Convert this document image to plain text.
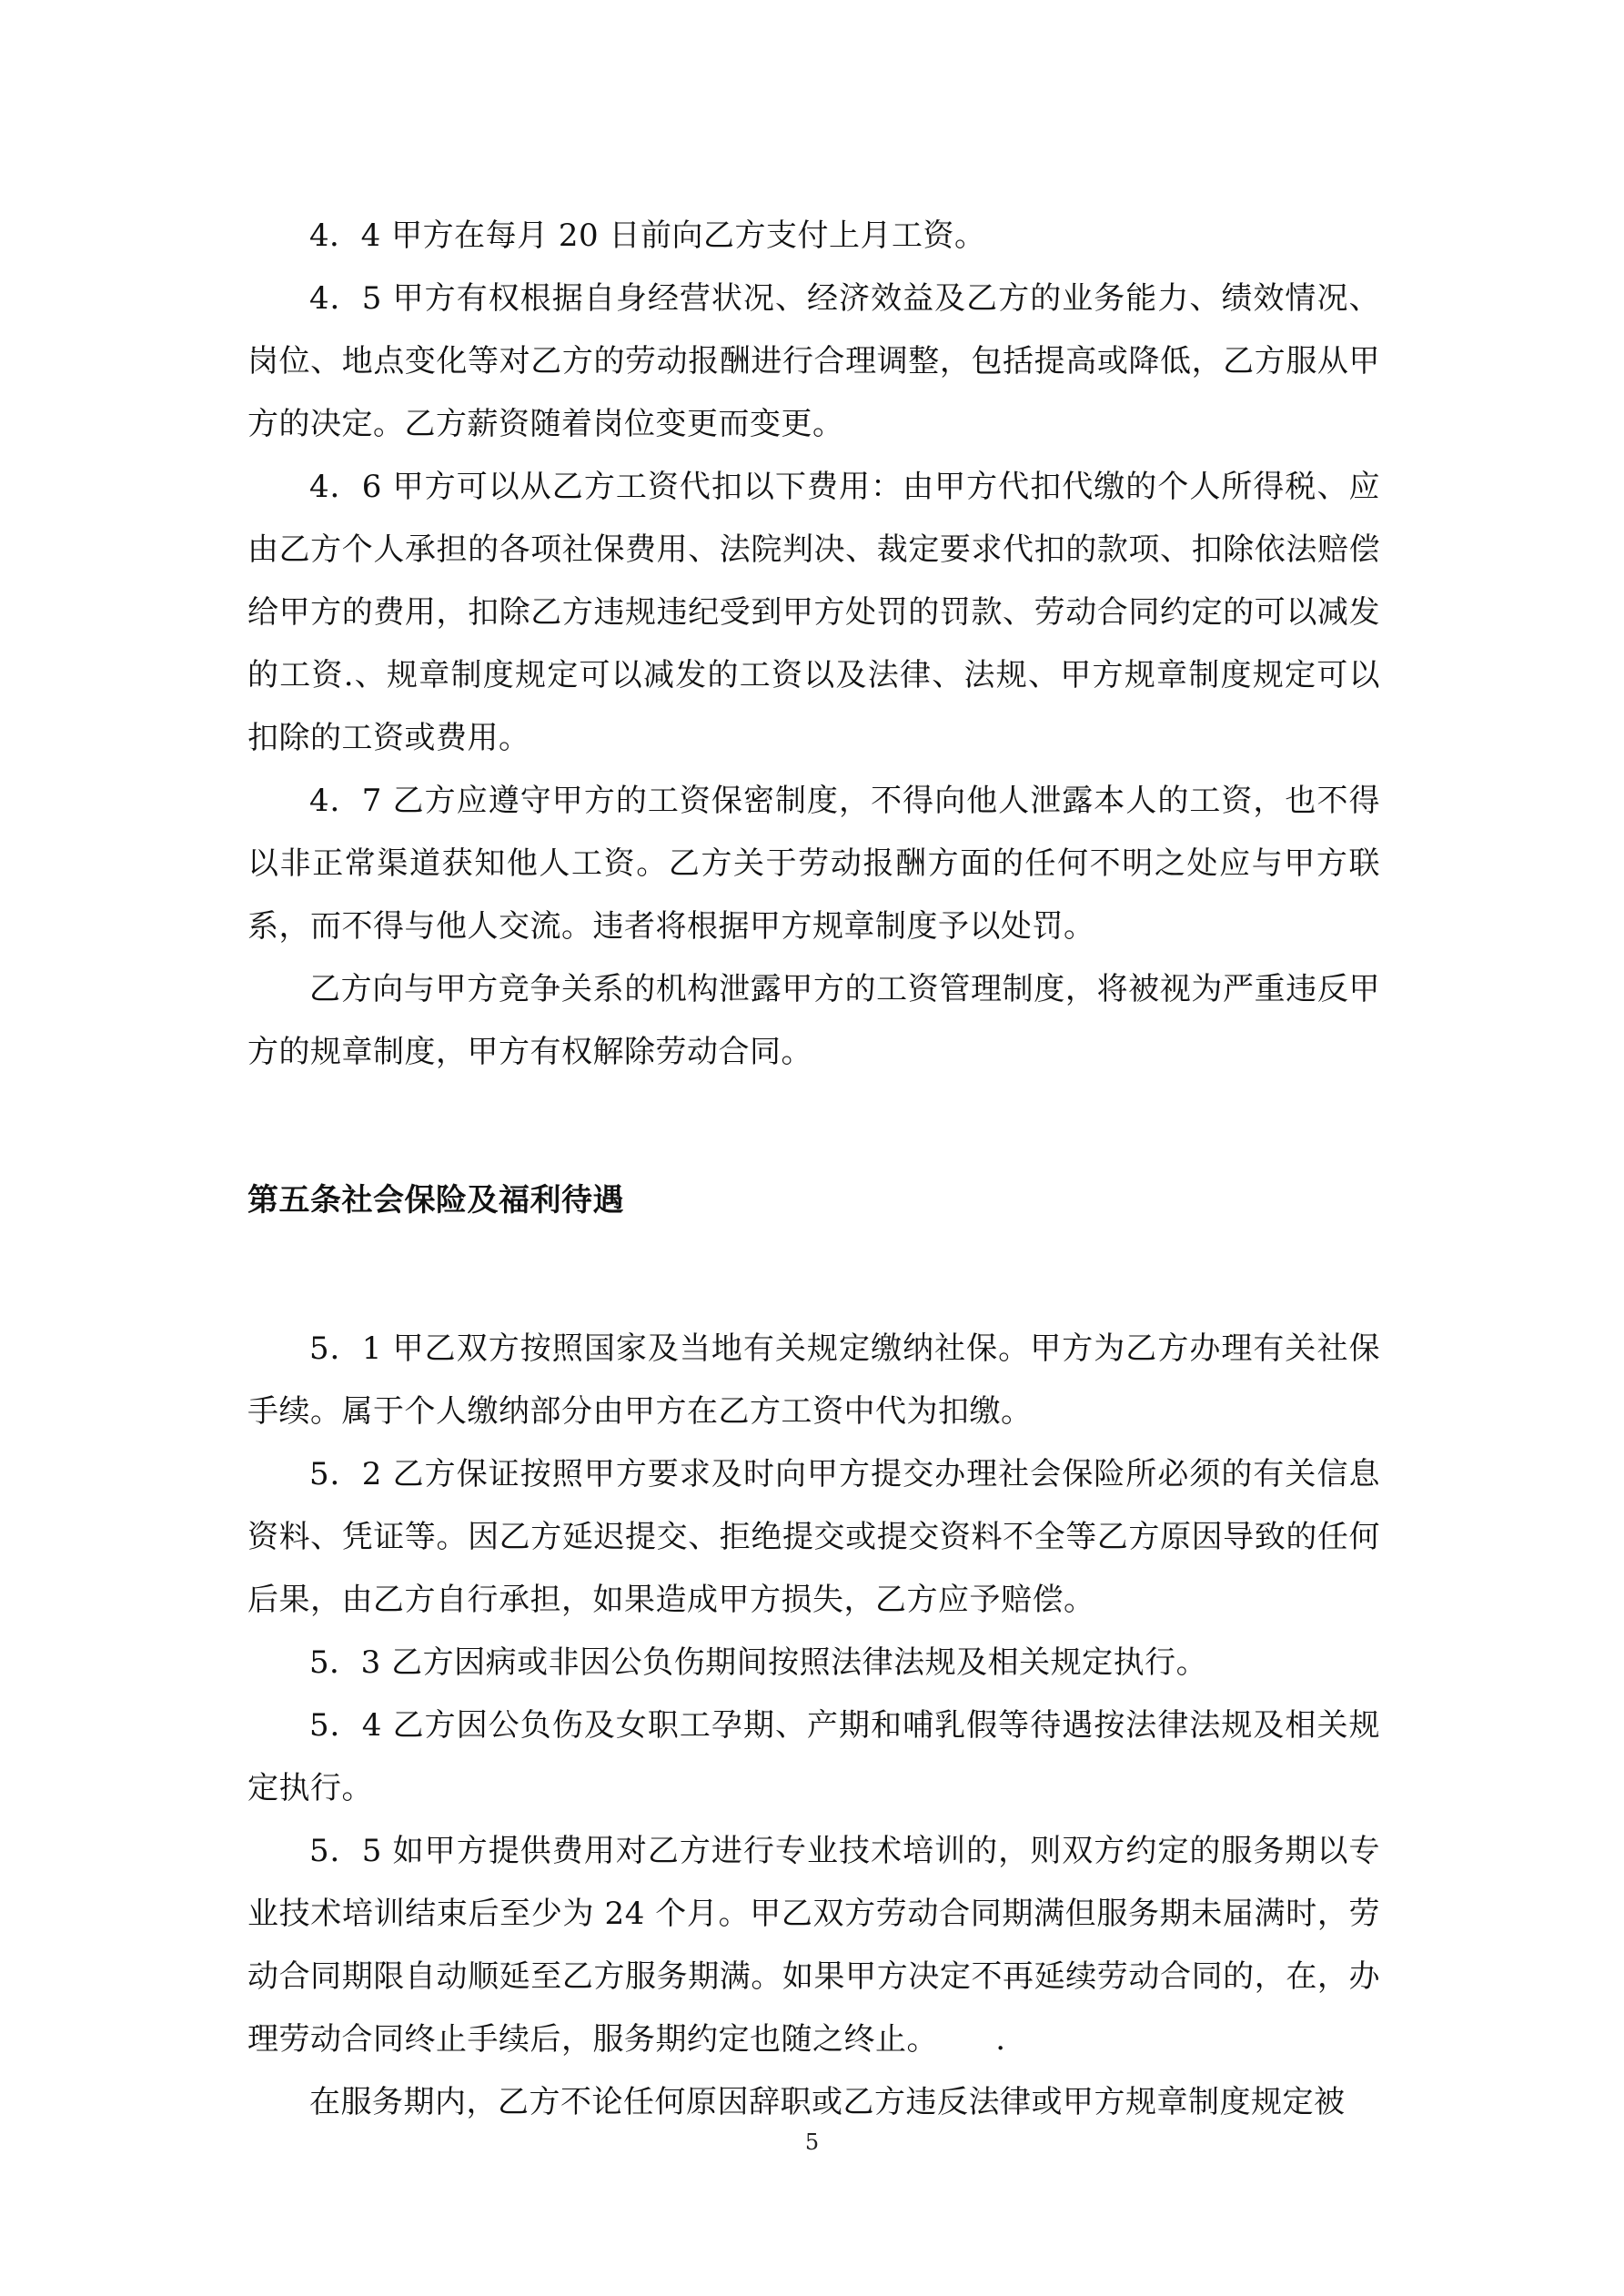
4．4 甲方在每月 20 日前向乙方支付上月工资。

4．5 甲方有权根据自身经营状况、经济效益及乙方的业务能力、绩效情况、岗位、地点变化等对乙方的劳动报酬进行合理调整，包括提高或降低，乙方服从甲方的决定。乙方薪资随着岗位变更而变更。

4．6 甲方可以从乙方工资代扣以下费用：由甲方代扣代缴的个人所得税、应由乙方个人承担的各项社保费用、法院判决、裁定要求代扣的款项、扣除依法赔偿给甲方的费用，扣除乙方违规违纪受到甲方处罚的罚款、劳动合同约定的可以减发的工资.、规章制度规定可以减发的工资以及法律、法规、甲方规章制度规定可以扣除的工资或费用。

4．7 乙方应遵守甲方的工资保密制度，不得向他人泄露本人的工资，也不得以非正常渠道获知他人工资。乙方关于劳动报酬方面的任何不明之处应与甲方联系，而不得与他人交流。违者将根据甲方规章制度予以处罚。

乙方向与甲方竞争关系的机构泄露甲方的工资管理制度，将被视为严重违反甲方的规章制度，甲方有权解除劳动合同。

第五条社会保险及福利待遇

5．1 甲乙双方按照国家及当地有关规定缴纳社保。甲方为乙方办理有关社保手续。属于个人缴纳部分由甲方在乙方工资中代为扣缴。

5．2 乙方保证按照甲方要求及时向甲方提交办理社会保险所必须的有关信息资料、凭证等。因乙方延迟提交、拒绝提交或提交资料不全等乙方原因导致的任何后果，由乙方自行承担，如果造成甲方损失，乙方应予赔偿。

5．3 乙方因病或非因公负伤期间按照法律法规及相关规定执行。

5．4 乙方因公负伤及女职工孕期、产期和哺乳假等待遇按法律法规及相关规定执行。

5．5 如甲方提供费用对乙方进行专业技术培训的，则双方约定的服务期以专业技术培训结束后至少为 24 个月。甲乙双方劳动合同期满但服务期未届满时，劳动合同期限自动顺延至乙方服务期满。如果甲方决定不再延续劳动合同的，在，办理劳动合同终止手续后，服务期约定也随之终止。　　 .

在服务期内，乙方不论任何原因辞职或乙方违反法律或甲方规章制度规定被

5
